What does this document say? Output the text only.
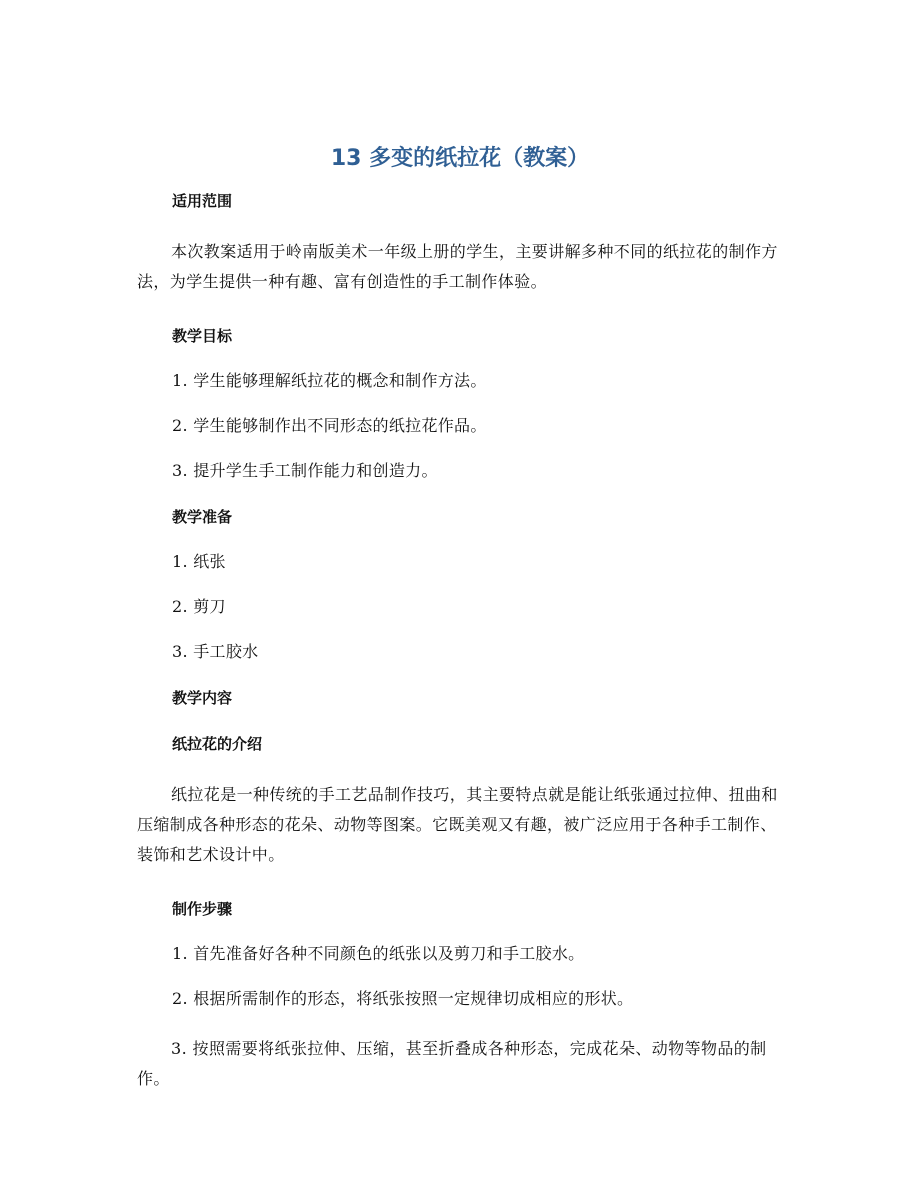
13 多变的纸拉花（教案）
适用范围

本次教案适用于岭南版美术一年级上册的学生，主要讲解多种不同的纸拉花的制作方法，为学生提供一种有趣、富有创造性的手工制作体验。

教学目标
1. 学生能够理解纸拉花的概念和制作方法。
2. 学生能够制作出不同形态的纸拉花作品。
3. 提升学生手工制作能力和创造力。
教学准备
1. 纸张
2. 剪刀
3. 手工胶水
教学内容
纸拉花的介绍

纸拉花是一种传统的手工艺品制作技巧，其主要特点就是能让纸张通过拉伸、扭曲和压缩制成各种形态的花朵、动物等图案。它既美观又有趣，被广泛应用于各种手工制作、装饰和艺术设计中。

制作步骤
1. 首先准备好各种不同颜色的纸张以及剪刀和手工胶水。
2. 根据所需制作的形态，将纸张按照一定规律切成相应的形状。

3. 按照需要将纸张拉伸、压缩，甚至折叠成各种形态，完成花朵、动物等物品的制作。
